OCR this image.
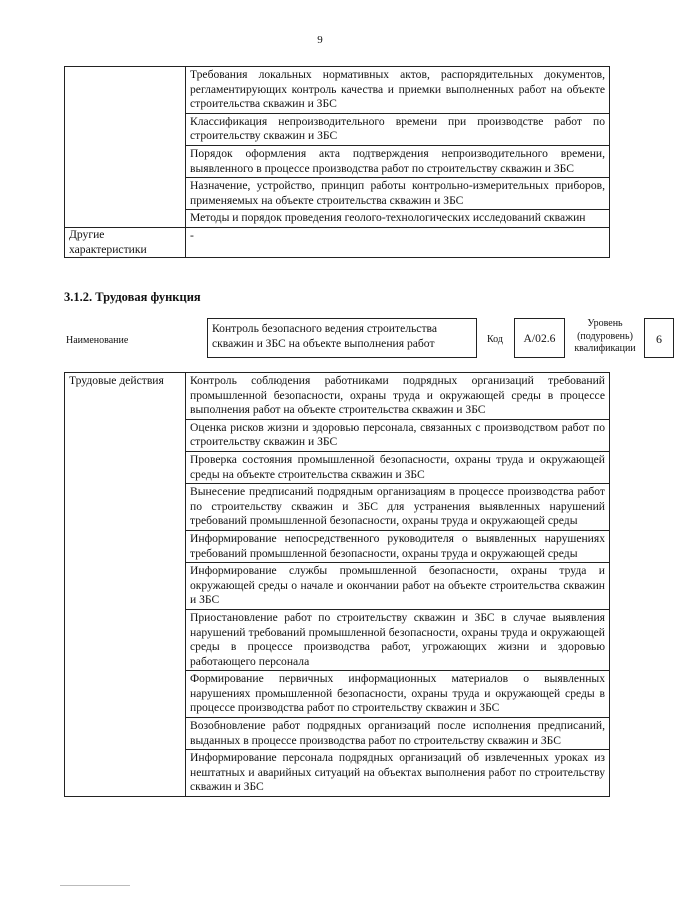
9
	Требования локальных нормативных актов, распорядительных документов, регламентирующих контроль качества и приемки выполненных работ на объекте строительства скважин и ЗБС
	Классификация непроизводительного времени при производстве работ по строительству скважин и ЗБС
	Порядок оформления акта подтверждения непроизводительного времени, выявленного в процессе производства работ по строительству скважин и ЗБС
	Назначение, устройство, принцип работы контрольно-измерительных приборов, применяемых на объекте строительства скважин и ЗБС
	Методы и порядок проведения геолого-технологических исследований скважин
Другие характеристики	-
3.1.2. Трудовая функция
Наименование
Контроль безопасного ведения строительства скважин и ЗБС на объекте выполнения работ	Код	A/02.6
Уровень (подуровень) квалификации
6
Трудовые действия	Контроль соблюдения работниками подрядных организаций требований промышленной безопасности, охраны труда и окружающей среды в процессе выполнения работ на объекте строительства скважин и ЗБС
Оценка рисков жизни и здоровью персонала, связанных с производством работ по строительству скважин и ЗБС
Проверка состояния промышленной безопасности, охраны труда и окружающей среды на объекте строительства скважин и ЗБС
Вынесение предписаний подрядным организациям в процессе производства работ по строительству скважин и ЗБС для устранения выявленных нарушений требований промышленной безопасности, охраны труда и окружающей среды
Информирование непосредственного руководителя о выявленных нарушениях требований промышленной безопасности, охраны труда и окружающей среды
Информирование службы промышленной безопасности, охраны труда и окружающей среды о начале и окончании работ на объекте строительства скважин и ЗБС
Приостановление работ по строительству скважин и ЗБС в случае выявления нарушений требований промышленной безопасности, охраны труда и окружающей среды в процессе производства работ, угрожающих жизни и здоровью работающего персонала
Формирование первичных информационных материалов о выявленных нарушениях промышленной безопасности, охраны труда и окружающей среды в процессе производства работ по строительству скважин и ЗБС
Возобновление работ подрядных организаций после исполнения предписаний, выданных в процессе производства работ по строительству скважин и ЗБС
Информирование персонала подрядных организаций об извлеченных уроках из нештатных и аварийных ситуаций на объектах выполнения работ по строительству скважин и ЗБС
